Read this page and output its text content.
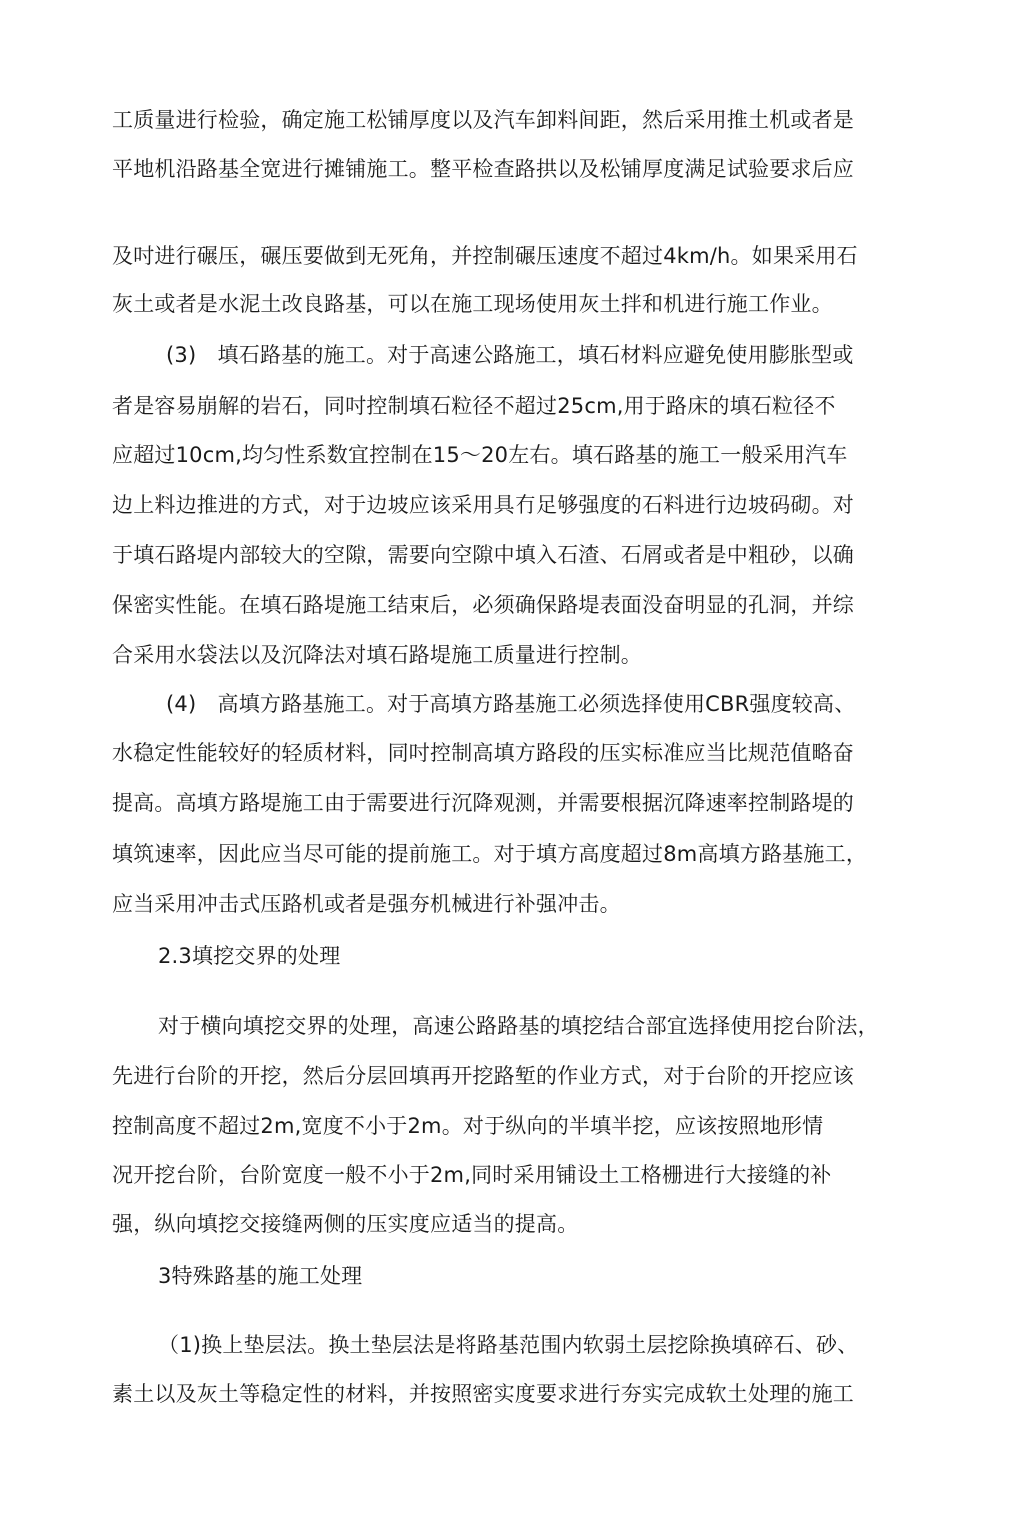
工质量进行检验，确定施工松铺厚度以及汽车卸料间距，然后采用推土机或者是
平地机沿路基全宽进行摊铺施工。整平检查路拱以及松铺厚度满足试验要求后应
及吋进行碾压，碾压要做到无死角，并控制碾压速度不超过4km/h。如果采用石
灰土或者是水泥土改良路基，可以在施工现场使用灰土拌和机进行施工作业。
(3)　填石路基的施工。对于高速公路施工，填石材料应避免使用膨胀型或
者是容易崩解的岩石，同吋控制填石粒径不超过25cm,用于路床的填石粒径不
应超过10cm,均匀性系数宜控制在15～20左右。填石路基的施工一般采用汽车
边上料边推进的方式，对于边坡应该采用具冇足够强度的石料进行边坡码砌。对
于填石路堤内部较大的空隙，需要向空隙中填入石渣、石屑或者是中粗砂，以确
保密实性能。在填石路堤施工结束后，必须确保路堤表面没奋明显的孔洞，并综
合采用水袋法以及沉降法对填石路堤施工质量进行控制。
(4)　高填方路基施工。对于高填方路基施工必须选择使用CBR强度较高、
水稳定性能较好的轻质材料，同吋控制高填方路段的压实标准应当比规范值略奋
提高。高填方路堤施工由于需要进行沉降观测，并需要根据沉降速率控制路堤的
填筑速率，因此应当尽可能的提前施工。对于填方高度超过8m高填方路基施工，
应当采用冲击式压路机或者是强夯机械进行补强冲击。
2.3填挖交界的处理
对于横向填挖交界的处理，高速公路路基的填挖结合部宜选择使用挖台阶法，
先进行台阶的开挖，然后分层回填再开挖路堑的作业方式，对于台阶的开挖应该
控制高度不超过2m,宽度不小于2m。对于纵向的半填半挖，应该按照地形情
况开挖台阶，台阶宽度一般不小于2m,同时采用铺设土工格栅进行大接缝的补
强，纵向填挖交接缝两侧的压实度应适当的提高。
3特殊路基的施工处理
（1)换上垫层法。换土垫层法是将路基范围内软弱土层挖除换填碎石、砂、
素土以及灰土等稳定性的材料，并按照密实度要求进行夯实完成软土处理的施工
